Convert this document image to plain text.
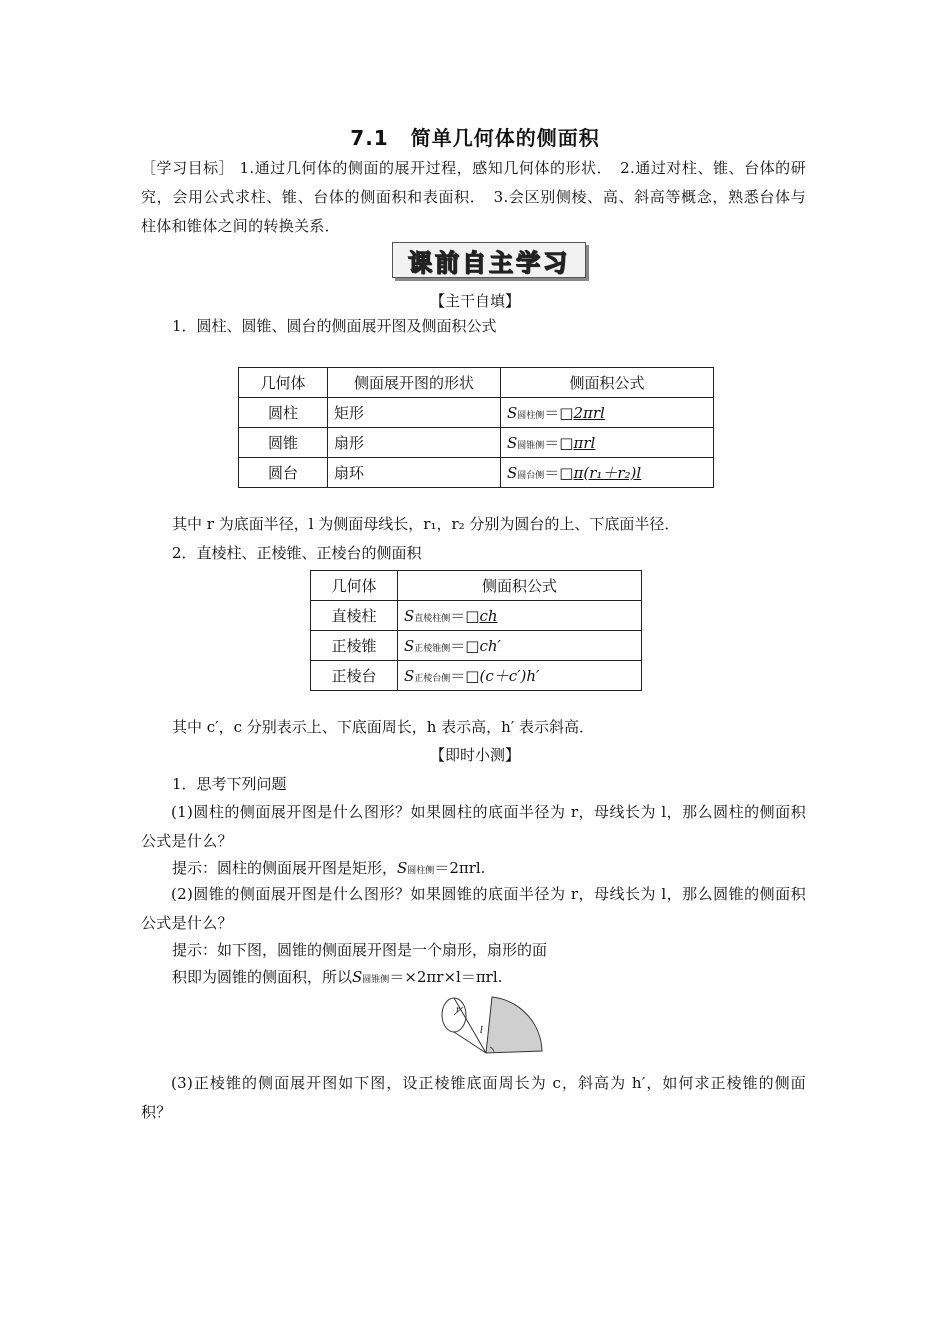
7.1 简单几何体的侧面积
［学习目标］ 1.通过几何体的侧面的展开过程，感知几何体的形状．　2.通过对柱、锥、台体的研究，会用公式求柱、锥、台体的侧面积和表面积．　3.会区别侧棱、高、斜高等概念，熟悉台体与柱体和锥体之间的转换关系．
课前自主学习
【主干自填】
1．圆柱、圆锥、圆台的侧面展开图及侧面积公式
几何体	侧面展开图的形状	侧面积公式
圆柱	矩形	S圆柱侧＝□2πrl
圆锥	扇形	S圆锥侧＝□πrl
圆台	扇环	S圆台侧＝□π(r₁＋r₂)l
其中 r 为底面半径，l 为侧面母线长，r₁，r₂ 分别为圆台的上、下底面半径．
2．直棱柱、正棱锥、正棱台的侧面积
几何体	侧面积公式
直棱柱	S直棱柱侧＝□ch
正棱锥	S正棱锥侧＝□ch′
正棱台	S正棱台侧＝□(c＋c′)h′
其中 c′，c 分别表示上、下底面周长，h 表示高，h′ 表示斜高．
【即时小测】
1．思考下列问题
(1)圆柱的侧面展开图是什么图形？如果圆柱的底面半径为 r，母线长为 l，那么圆柱的侧面积公式是什么？
提示：圆柱的侧面展开图是矩形，S圆柱侧＝2πrl.
(2)圆锥的侧面展开图是什么图形？如果圆锥的底面半径为 r，母线长为 l，那么圆锥的侧面积公式是什么？
提示：如下图，圆锥的侧面展开图是一个扇形，扇形的面
积即为圆锥的侧面积，所以S圆锥侧＝×2πr×l＝πrl.
r
l
(3)正棱锥的侧面展开图如下图，设正棱锥底面周长为 c，斜高为 h′，如何求正棱锥的侧面积？
